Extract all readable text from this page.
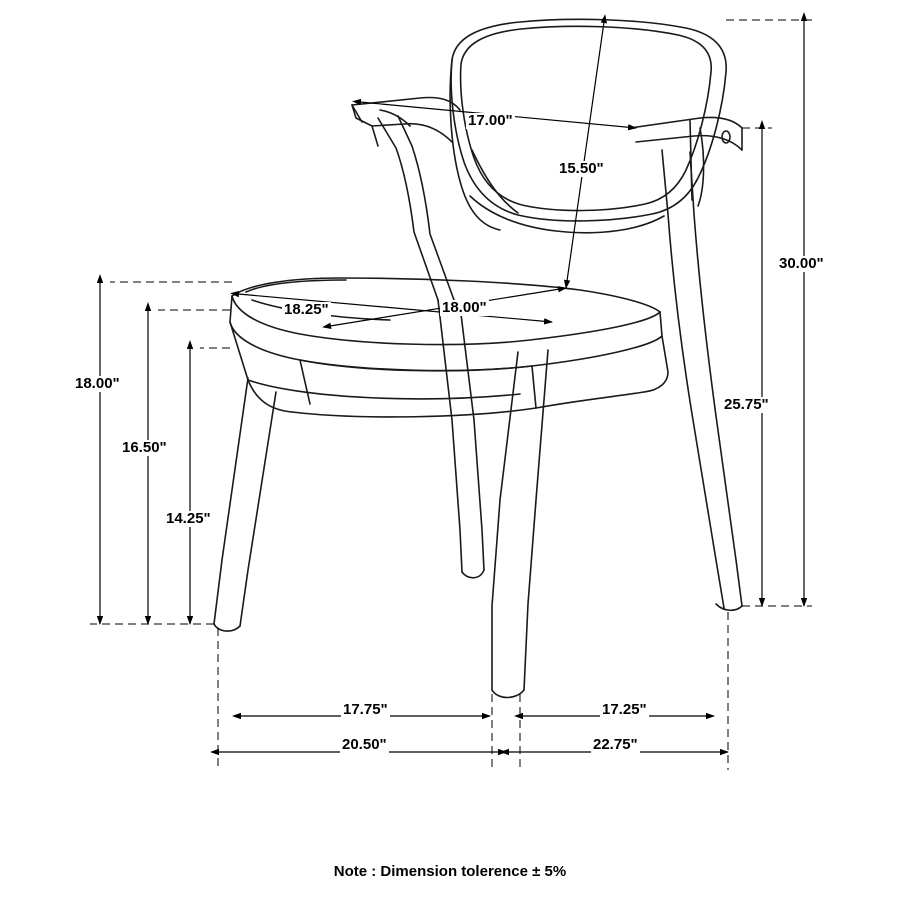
17.00"
15.50"
30.00"
18.25"	18.00"
25.75"
18.00"
16.50"
14.25"
17.75"	17.25"
20.50"	22.75"
Note : Dimension tolerence ± 5%
